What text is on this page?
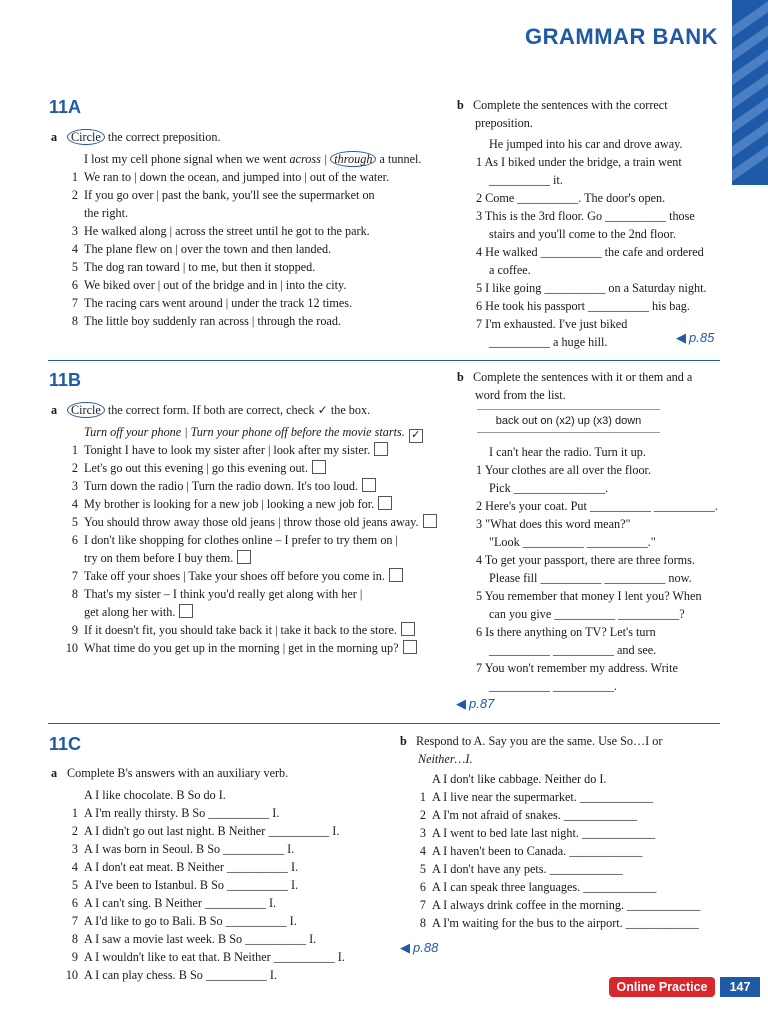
GRAMMAR BANK
11A
a Circle the correct preposition.
I lost my cell phone signal when we went across | through a tunnel.
1 We ran to | down the ocean, and jumped into | out of the water.
2 If you go over | past the bank, you'll see the supermarket on
the right.
3 He walked along | across the street until he got to the park.
4 The plane flew on | over the town and then landed.
5 The dog ran toward | to me, but then it stopped.
6 We biked over | out of the bridge and in | into the city.
7 The racing cars went around | under the track 12 times.
8 The little boy suddenly ran across | through the road.
b Complete the sentences with the correct
preposition.
He jumped into his car and drove away.
1 As I biked under the bridge, a train went
__________ it.
2 Come __________. The door's open.
3 This is the 3rd floor. Go __________ those
stairs and you'll come to the 2nd floor.
4 He walked __________ the cafe and ordered
a coffee.
5 I like going __________ on a Saturday night.
6 He took his passport __________ his bag.
7 I'm exhausted. I've just biked
__________ a huge hill.	◀ p.85
11B
a Circle the correct form. If both are correct, check ✓ the box.
Turn off your phone | Turn your phone off before the movie starts. ✓
1 Tonight I have to look my sister after | look after my sister.
2 Let's go out this evening | go this evening out.
3 Turn down the radio | Turn the radio down. It's too loud.
4 My brother is looking for a new job | looking a new job for.
5 You should throw away those old jeans | throw those old jeans away.
6 I don't like shopping for clothes online – I prefer to try them on |
try on them before I buy them.
7 Take off your shoes | Take your shoes off before you come in.
8 That's my sister – I think you'd really get along with her |
get along her with.
9 If it doesn't fit, you should take back it | take it back to the store.
10 What time do you get up in the morning | get in the morning up?
b Complete the sentences with it or them and a
word from the list.
back out on (x2) up (x3) down
I can't hear the radio. Turn it up.
1 Your clothes are all over the floor.
Pick _______________.
2 Here's your coat. Put __________ __________.
3 "What does this word mean?"
"Look __________ __________."
4 To get your passport, there are three forms.
Please fill __________ __________ now.
5 You remember that money I lent you? When
can you give __________ __________?
6 Is there anything on TV? Let's turn
__________ __________ and see.
7 You won't remember my address. Write
__________ __________.
◀ p.87
11C
a Complete B's answers with an auxiliary verb.
A I like chocolate. B So do I.
1 A I'm really thirsty. B So __________ I.
2 A I didn't go out last night. B Neither __________ I.
3 A I was born in Seoul. B So __________ I.
4 A I don't eat meat. B Neither __________ I.
5 A I've been to Istanbul. B So __________ I.
6 A I can't sing. B Neither __________ I.
7 A I'd like to go to Bali. B So __________ I.
8 A I saw a movie last week. B So __________ I.
9 A I wouldn't like to eat that. B Neither __________ I.
10 A I can play chess. B So __________ I.
b Respond to A. Say you are the same. Use So…I or
Neither…I.
A I don't like cabbage. Neither do I.
1 A I live near the supermarket. ____________
2 A I'm not afraid of snakes. ____________
3 A I went to bed late last night. ____________
4 A I haven't been to Canada. ____________
5 A I don't have any pets. ____________
6 A I can speak three languages. ____________
7 A I always drink coffee in the morning. ____________
8 A I'm waiting for the bus to the airport. ____________
◀ p.88
Online Practice	147
